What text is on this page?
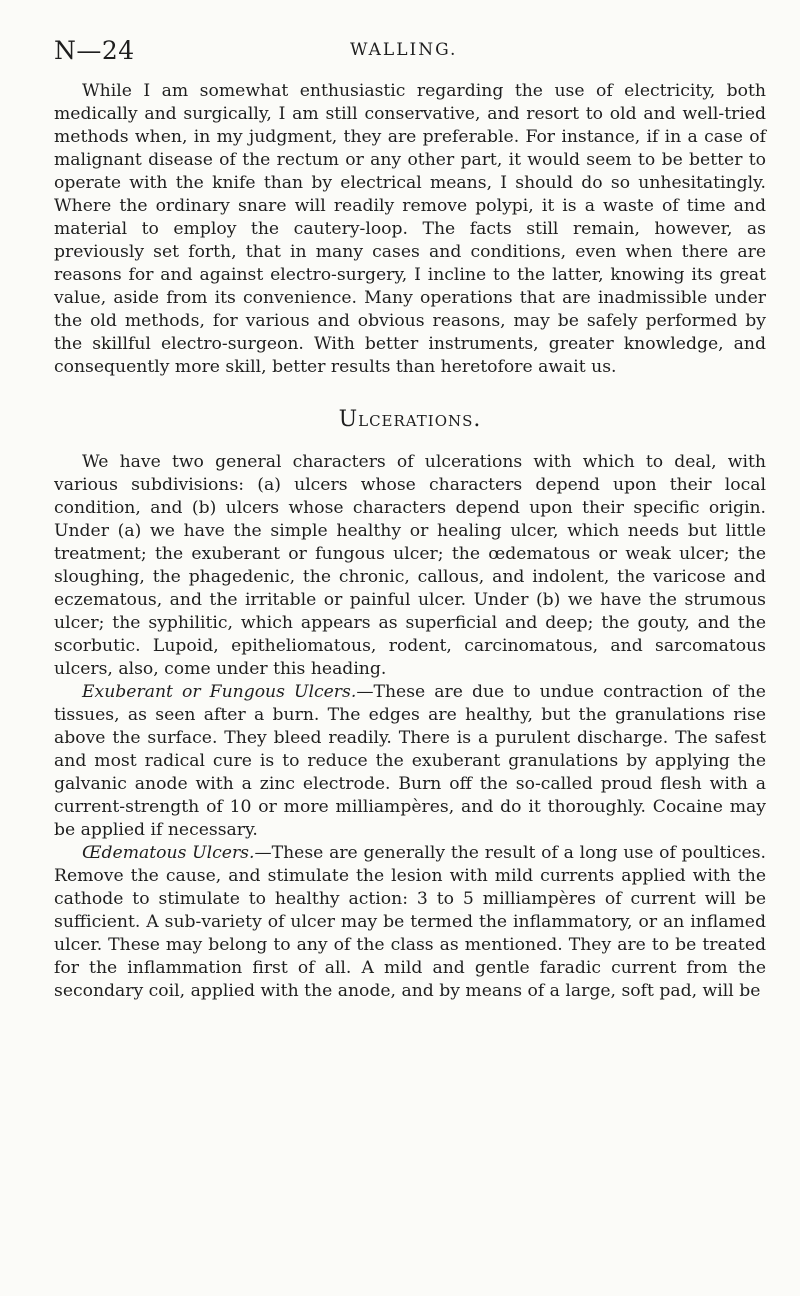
N—24	WALLING.

While I am somewhat enthusiastic regarding the use of electricity, both medically and surgically, I am still conservative, and resort to old and well-tried methods when, in my judgment, they are preferable. For instance, if in a case of malignant disease of the rectum or any other part, it would seem to be better to operate with the knife than by electrical means, I should do so unhesitatingly. Where the ordinary snare will readily remove polypi, it is a waste of time and material to employ the cautery-loop. The facts still remain, however, as previously set forth, that in many cases and conditions, even when there are reasons for and against electro-surgery, I incline to the latter, knowing its great value, aside from its convenience. Many operations that are inadmissible under the old methods, for various and obvious reasons, may be safely performed by the skillful electro-surgeon. With better instruments, greater knowledge, and consequently more skill, better results than heretofore await us.

Ulcerations.

We have two general characters of ulcerations with which to deal, with various subdivisions: (a) ulcers whose characters depend upon their local condition, and (b) ulcers whose characters depend upon their specific origin. Under (a) we have the simple healthy or healing ulcer, which needs but little treatment; the exuberant or fungous ulcer; the œdematous or weak ulcer; the sloughing, the phagedenic, the chronic, callous, and indolent, the varicose and eczematous, and the irritable or painful ulcer. Under (b) we have the strumous ulcer; the syphilitic, which appears as superficial and deep; the gouty, and the scorbutic. Lupoid, epitheliomatous, rodent, carcinomatous, and sarcomatous ulcers, also, come under this heading.

Exuberant or Fungous Ulcers.—These are due to undue contraction of the tissues, as seen after a burn. The edges are healthy, but the granulations rise above the surface. They bleed readily. There is a purulent discharge. The safest and most radical cure is to reduce the exuberant granulations by applying the galvanic anode with a zinc electrode. Burn off the so-called proud flesh with a current-strength of 10 or more milliampères, and do it thoroughly. Cocaine may be applied if necessary.

Œdematous Ulcers.—These are generally the result of a long use of poultices. Remove the cause, and stimulate the lesion with mild currents applied with the cathode to stimulate to healthy action: 3 to 5 milliampères of current will be sufficient. A sub-variety of ulcer may be termed the inflammatory, or an inflamed ulcer. These may belong to any of the class as mentioned. They are to be treated for the inflammation first of all. A mild and gentle faradic current from the secondary coil, applied with the anode, and by means of a large, soft pad, will be
